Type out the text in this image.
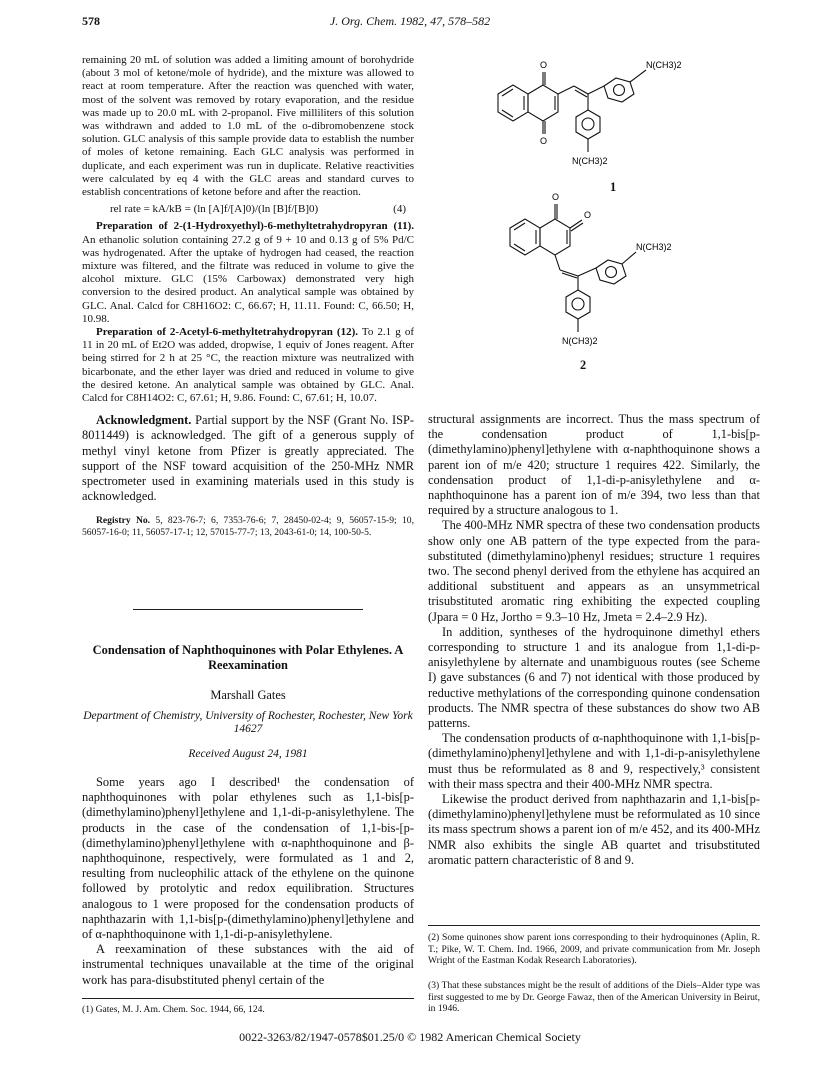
578	J. Org. Chem. 1982, 47, 578–582

remaining 20 mL of solution was added a limiting amount of borohydride (about 3 mol of ketone/mole of hydride), and the mixture was allowed to react at room temperature. After the reaction was quenched with water, most of the solvent was removed by rotary evaporation, and the residue was made up to 20.0 mL with 2-propanol. Five milliliters of this solution was withdrawn and added to 1.0 mL of the o-dibromobenzene stock solution. GLC analysis of this sample provide data to establish the number of moles of ketone remaining. Each GLC analysis was performed in duplicate, and each experiment was run in duplicate. Relative reactivities were calculated by eq 4 with the GLC areas and standard curves to establish concentrations of ketone before and after the reaction.

rel rate = kA/kB = (ln [A]f/[A]0)/(ln [B]f/[B]0)	(4)

Preparation of 2-(1-Hydroxyethyl)-6-methyltetrahydropyran (11). An ethanolic solution containing 27.2 g of 9 + 10 and 0.13 g of 5% Pd/C was hydrogenated. After the uptake of hydrogen had ceased, the reaction mixture was filtered, and the filtrate was reduced in volume to give the alcohol mixture. GLC (15% Carbowax) demonstrated very high conversion to the desired product. An analytical sample was obtained by GLC. Anal. Calcd for C8H16O2: C, 66.67; H, 11.11. Found: C, 66.50; H, 10.98.

Preparation of 2-Acetyl-6-methyltetrahydropyran (12). To 2.1 g of 11 in 20 mL of Et2O was added, dropwise, 1 equiv of Jones reagent. After being stirred for 2 h at 25 °C, the reaction mixture was neutralized with bicarbonate, and the ether layer was dried and reduced in volume to give the desired ketone. An analytical sample was obtained by GLC. Anal. Calcd for C8H14O2: C, 67.61; H, 9.86. Found: C, 67.61; H, 10.07.

Acknowledgment. Partial support by the NSF (Grant No. ISP-8011449) is acknowledged. The gift of a generous supply of methyl vinyl ketone from Pfizer is greatly appreciated. The support of the NSF toward acquisition of the 250-MHz NMR spectrometer used in examining materials used in this study is acknowledged.

Registry No. 5, 823-76-7; 6, 7353-76-6; 7, 28450-02-4; 9, 56057-15-9; 10, 56057-16-0; 11, 56057-17-1; 12, 57015-77-7; 13, 2043-61-0; 14, 100-50-5.

Condensation of Naphthoquinones with Polar Ethylenes. A Reexamination
Marshall Gates
Department of Chemistry, University of Rochester, Rochester, New York 14627
Received August 24, 1981

Some years ago I described¹ the condensation of naphthoquinones with polar ethylenes such as 1,1-bis[p-(dimethylamino)phenyl]ethylene and 1,1-di-p-anisylethylene. The products in the case of the condensation of 1,1-bis-[p-(dimethylamino)phenyl]ethylene with α-naphthoquinone and β-naphthoquinone, respectively, were formulated as 1 and 2, resulting from nucleophilic attack of the ethylene on the quinone followed by protolytic and redox equilibration. Structures analogous to 1 were proposed for the condensation products of naphthazarin with 1,1-bis[p-(dimethylamino)phenyl]ethylene and of α-naphthoquinone with 1,1-di-p-anisylethylene.

A reexamination of these substances with the aid of instrumental techniques unavailable at the time of the original work has para-disubstituted phenyl certain of the

O
O
N(CH3)2
N(CH3)2
1
O
O
N(CH3)2
N(CH3)2
2

structural assignments are incorrect. Thus the mass spectrum of the condensation product of 1,1-bis[p-(dimethylamino)phenyl]ethylene with α-naphthoquinone shows a parent ion of m/e 420; structure 1 requires 422. Similarly, the condensation product of 1,1-di-p-anisylethylene and α-naphthoquinone has a parent ion of m/e 394, two less than that required by a structure analogous to 1.

The 400-MHz NMR spectra of these two condensation products show only one AB pattern of the type expected from the para-substituted (dimethylamino)phenyl residues; structure 1 requires two. The second phenyl derived from the ethylene has acquired an additional substituent and appears as an unsymmetrical trisubstituted aromatic ring exhibiting the expected coupling (Jpara = 0 Hz, Jortho = 9.3–10 Hz, Jmeta = 2.4–2.9 Hz).

In addition, syntheses of the hydroquinone dimethyl ethers corresponding to structure 1 and its analogue from 1,1-di-p-anisylethylene by alternate and unambiguous routes (see Scheme I) gave substances (6 and 7) not identical with those produced by reductive methylations of the corresponding quinone condensation products. The NMR spectra of these substances do show two AB patterns.

The condensation products of α-naphthoquinone with 1,1-bis[p-(dimethylamino)phenyl]ethylene and with 1,1-di-p-anisylethylene must thus be reformulated as 8 and 9, respectively,³ consistent with their mass spectra and their 400-MHz NMR spectra.

Likewise the product derived from naphthazarin and 1,1-bis[p-(dimethylamino)phenyl]ethylene must be reformulated as 10 since its mass spectrum shows a parent ion of m/e 452, and its 400-MHz NMR also exhibits the single AB quartet and trisubstituted aromatic pattern characteristic of 8 and 9.

(2) Some quinones show parent ions corresponding to their hydroquinones (Aplin, R. T.; Pike, W. T. Chem. Ind. 1966, 2009, and private communication from Mr. Joseph Wright of the Eastman Kodak Research Laboratories).
(3) That these substances might be the result of additions of the Diels–Alder type was first suggested to me by Dr. George Fawaz, then of the American University in Beirut, in 1946.
(1) Gates, M. J. Am. Chem. Soc. 1944, 66, 124.
0022-3263/82/1947-0578$01.25/0 © 1982 American Chemical Society
